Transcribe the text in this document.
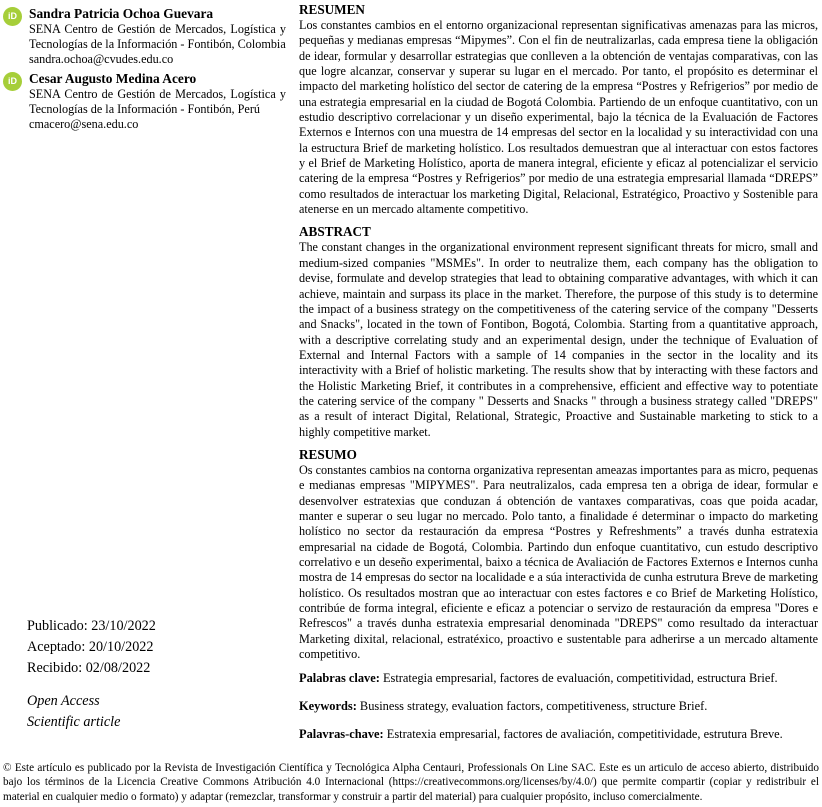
iD Sandra Patricia Ochoa Guevara
SENA Centro de Gestión de Mercados, Logística y Tecnologías de la Información - Fontibón, Colombia
sandra.ochoa@cvudes.edu.co
iD Cesar Augusto Medina Acero
SENA Centro de Gestión de Mercados, Logística y Tecnologías de la Información - Fontibón, Perú
cmacero@sena.edu.co
Publicado: 23/10/2022
Aceptado: 20/10/2022
Recibido: 02/08/2022
Open Access
Scientific article
RESUMEN

Los constantes cambios en el entorno organizacional representan significativas amenazas para las micros, pequeñas y medianas empresas “Mipymes”. Con el fin de neutralizarlas, cada empresa tiene la obligación de idear, formular y desarrollar estrategias que conlleven a la obtención de ventajas comparativas, con las que logre alcanzar, conservar y superar su lugar en el mercado. Por tanto, el propósito es determinar el impacto del marketing holístico del sector de catering de la empresa “Postres y Refrigerios” por medio de una estrategia empresarial en la ciudad de Bogotá Colombia. Partiendo de un enfoque cuantitativo, con un estudio descriptivo correlacionar y un diseño experimental, bajo la técnica de la Evaluación de Factores Externos e Internos con una muestra de 14 empresas del sector en la localidad y su interactividad con una la estructura Brief de marketing holístico. Los resultados demuestran que al interactuar con estos factores y el Brief de Marketing Holístico, aporta de manera integral, eficiente y eficaz al potencializar el servicio catering de la empresa “Postres y Refrigerios” por medio de una estrategia empresarial llamada “DREPS” como resultados de interactuar los marketing Digital, Relacional, Estratégico, Proactivo y Sostenible para atenerse en un mercado altamente competitivo.

ABSTRACT

The constant changes in the organizational environment represent significant threats for micro, small and medium-sized companies "MSMEs". In order to neutralize them, each company has the obligation to devise, formulate and develop strategies that lead to obtaining comparative advantages, with which it can achieve, maintain and surpass its place in the market. Therefore, the purpose of this study is to determine the impact of a business strategy on the competitiveness of the catering service of the company "Desserts and Snacks", located in the town of Fontibon, Bogotá, Colombia. Starting from a quantitative approach, with a descriptive correlating study and an experimental design, under the technique of Evaluation of External and Internal Factors with a sample of 14 companies in the sector in the locality and its interactivity with a Brief of holistic marketing. The results show that by interacting with these factors and the Holistic Marketing Brief, it contributes in a comprehensive, efficient and effective way to potentiate the catering service of the company " Desserts and Snacks " through a business strategy called "DREPS" as a result of interact Digital, Relational, Strategic, Proactive and Sustainable marketing to stick to a highly competitive market.

RESUMO

Os constantes cambios na contorna organizativa representan ameazas importantes para as micro, pequenas e medianas empresas "MIPYMES". Para neutralizalos, cada empresa ten a obriga de idear, formular e desenvolver estratexias que conduzan á obtención de vantaxes comparativas, coas que poida acadar, manter e superar o seu lugar no mercado. Polo tanto, a finalidade é determinar o impacto do marketing holístico no sector da restauración da empresa “Postres y Refreshments” a través dunha estratexia empresarial na cidade de Bogotá, Colombia. Partindo dun enfoque cuantitativo, cun estudo descriptivo correlativo e un deseño experimental, baixo a técnica de Avaliación de Factores Externos e Internos cunha mostra de 14 empresas do sector na localidade e a súa interactivida de cunha estrutura Breve de marketing holístico. Os resultados mostran que ao interactuar con estes factores e co Brief de Marketing Holístico, contribúe de forma integral, eficiente e eficaz a potenciar o servizo de restauración da empresa "Dores e Refrescos" a través dunha estratexia empresarial denominada "DREPS" como resultado da interactuar Marketing dixital, relacional, estratéxico, proactivo e sustentable para adherirse a un mercado altamente competitivo.

Palabras clave: Estrategia empresarial, factores de evaluación, competitividad, estructura Brief.

Keywords: Business strategy, evaluation factors, competitiveness, structure Brief.

Palavras-chave: Estratexia empresarial, factores de avaliación, competitividade, estrutura Breve.

© Este artículo es publicado por la Revista de Investigación Científica y Tecnológica Alpha Centauri, Professionals On Line SAC. Este es un articulo de acceso abierto, distribuido bajo los términos de la Licencia Creative Commons Atribución 4.0 Internacional (https://creativecommons.org/licenses/by/4.0/) que permite compartir (copiar y redistribuir el material en cualquier medio o formato) y adaptar (remezclar, transformar y construir a partir del material) para cualquier propósito, incluso comercialmente.
